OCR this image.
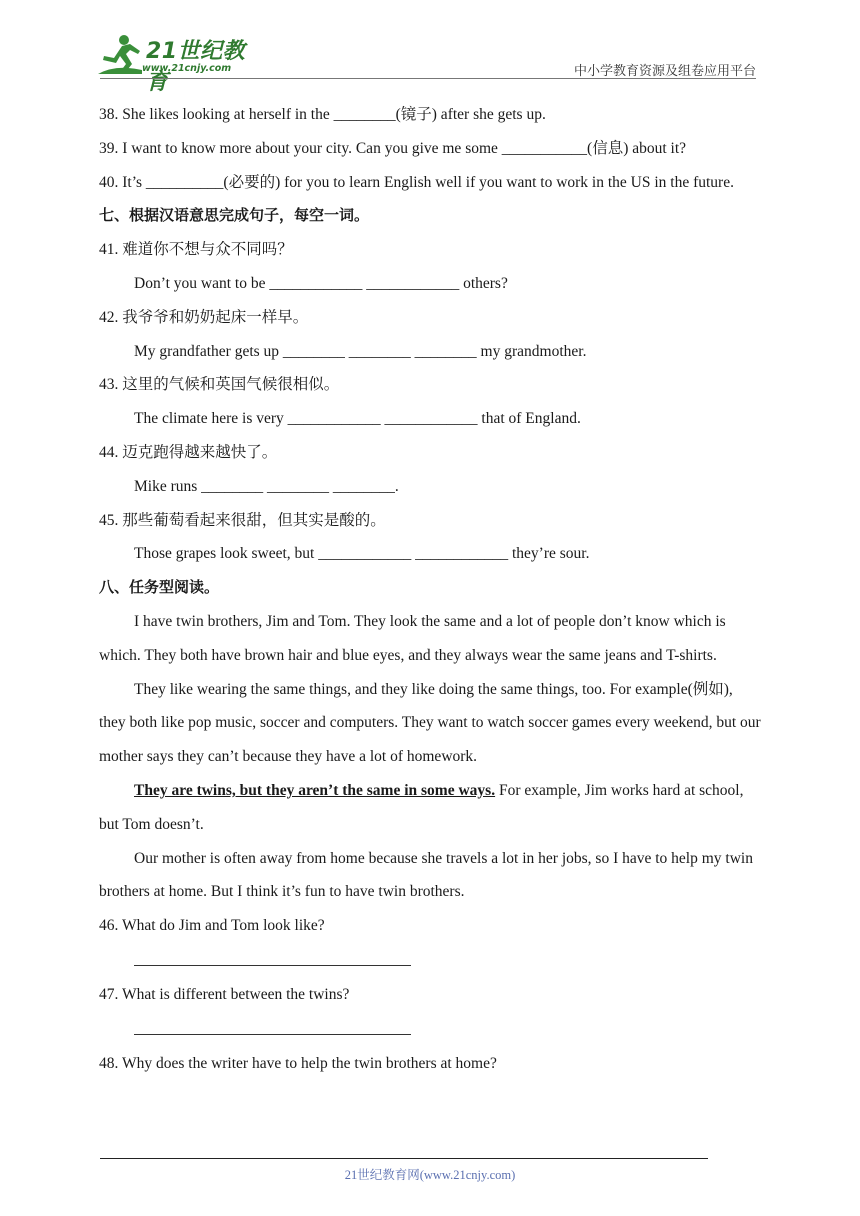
21世纪教育
www.21cnjy.com	中小学教育资源及组卷应用平台
38. She likes looking at herself in the ________(镜子) after she gets up.
39. I want to know more about your city. Can you give me some ___________(信息) about it?
40. It’s __________(必要的) for you to learn English well if you want to work in the US in the future.
七、根据汉语意思完成句子，每空一词。
41. 难道你不想与众不同吗？
Don’t you want to be ____________ ____________ others?
42. 我爷爷和奶奶起床一样早。
My grandfather gets up ________ ________ ________ my grandmother.
43. 这里的气候和英国气候很相似。
The climate here is very ____________ ____________ that of England.
44. 迈克跑得越来越快了。
Mike runs ________ ________ ________.
45. 那些葡萄看起来很甜，但其实是酸的。
Those grapes look sweet, but ____________ ____________ they’re sour.
八、任务型阅读。
I have twin brothers, Jim and Tom. They look the same and a lot of people don’t know which is which. They both have brown hair and blue eyes, and they always wear the same jeans and T-shirts.
They like wearing the same things, and they like doing the same things, too. For example(例如), they both like pop music, soccer and computers. They want to watch soccer games every weekend, but our mother says they can’t because they have a lot of homework.
They are twins, but they aren’t the same in some ways. For example, Jim works hard at school, but Tom doesn’t.
Our mother is often away from home because she travels a lot in her jobs, so I have to help my twin brothers at home. But I think it’s fun to have twin brothers.
46. What do Jim and Tom look like?
47. What is different between the twins?
48. Why does the writer have to help the twin brothers at home?
21世纪教育网(www.21cnjy.com)
